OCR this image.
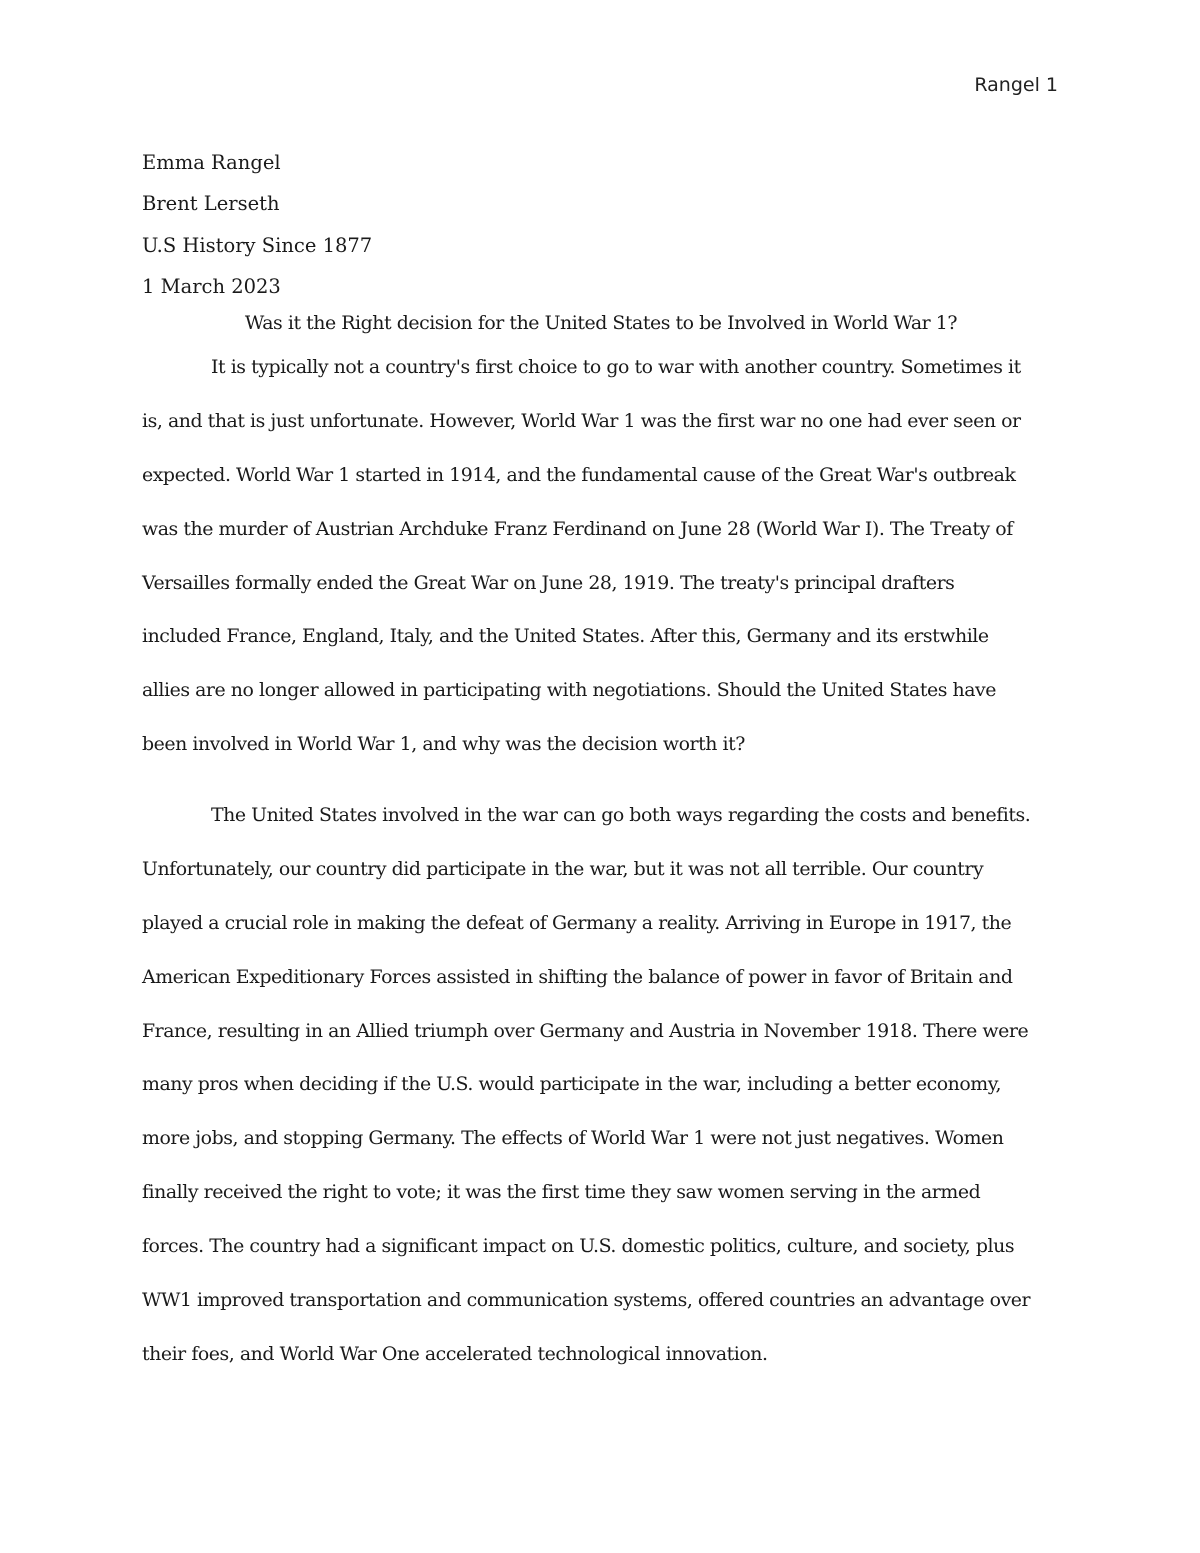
Rangel 1
Emma Rangel
Brent Lerseth
U.S History Since 1877
1 March 2023
Was it the Right decision for the United States to be Involved in World War 1?
It is typically not a country's first choice to go to war with another country. Sometimes it
is, and that is just unfortunate. However, World War 1 was the first war no one had ever seen or
expected. World War 1 started in 1914, and the fundamental cause of the Great War's outbreak
was the murder of Austrian Archduke Franz Ferdinand on June 28 (World War I). The Treaty of
Versailles formally ended the Great War on June 28, 1919. The treaty's principal drafters
included France, England, Italy, and the United States. After this, Germany and its erstwhile
allies are no longer allowed in participating with negotiations. Should the United States have
been involved in World War 1, and why was the decision worth it?
The United States involved in the war can go both ways regarding the costs and benefits.
Unfortunately, our country did participate in the war, but it was not all terrible. Our country
played a crucial role in making the defeat of Germany a reality. Arriving in Europe in 1917, the
American Expeditionary Forces assisted in shifting the balance of power in favor of Britain and
France, resulting in an Allied triumph over Germany and Austria in November 1918. There were
many pros when deciding if the U.S. would participate in the war, including a better economy,
more jobs, and stopping Germany. The effects of World War 1 were not just negatives. Women
finally received the right to vote; it was the first time they saw women serving in the armed
forces. The country had a significant impact on U.S. domestic politics, culture, and society, plus
WW1 improved transportation and communication systems, offered countries an advantage over
their foes, and World War One accelerated technological innovation.
